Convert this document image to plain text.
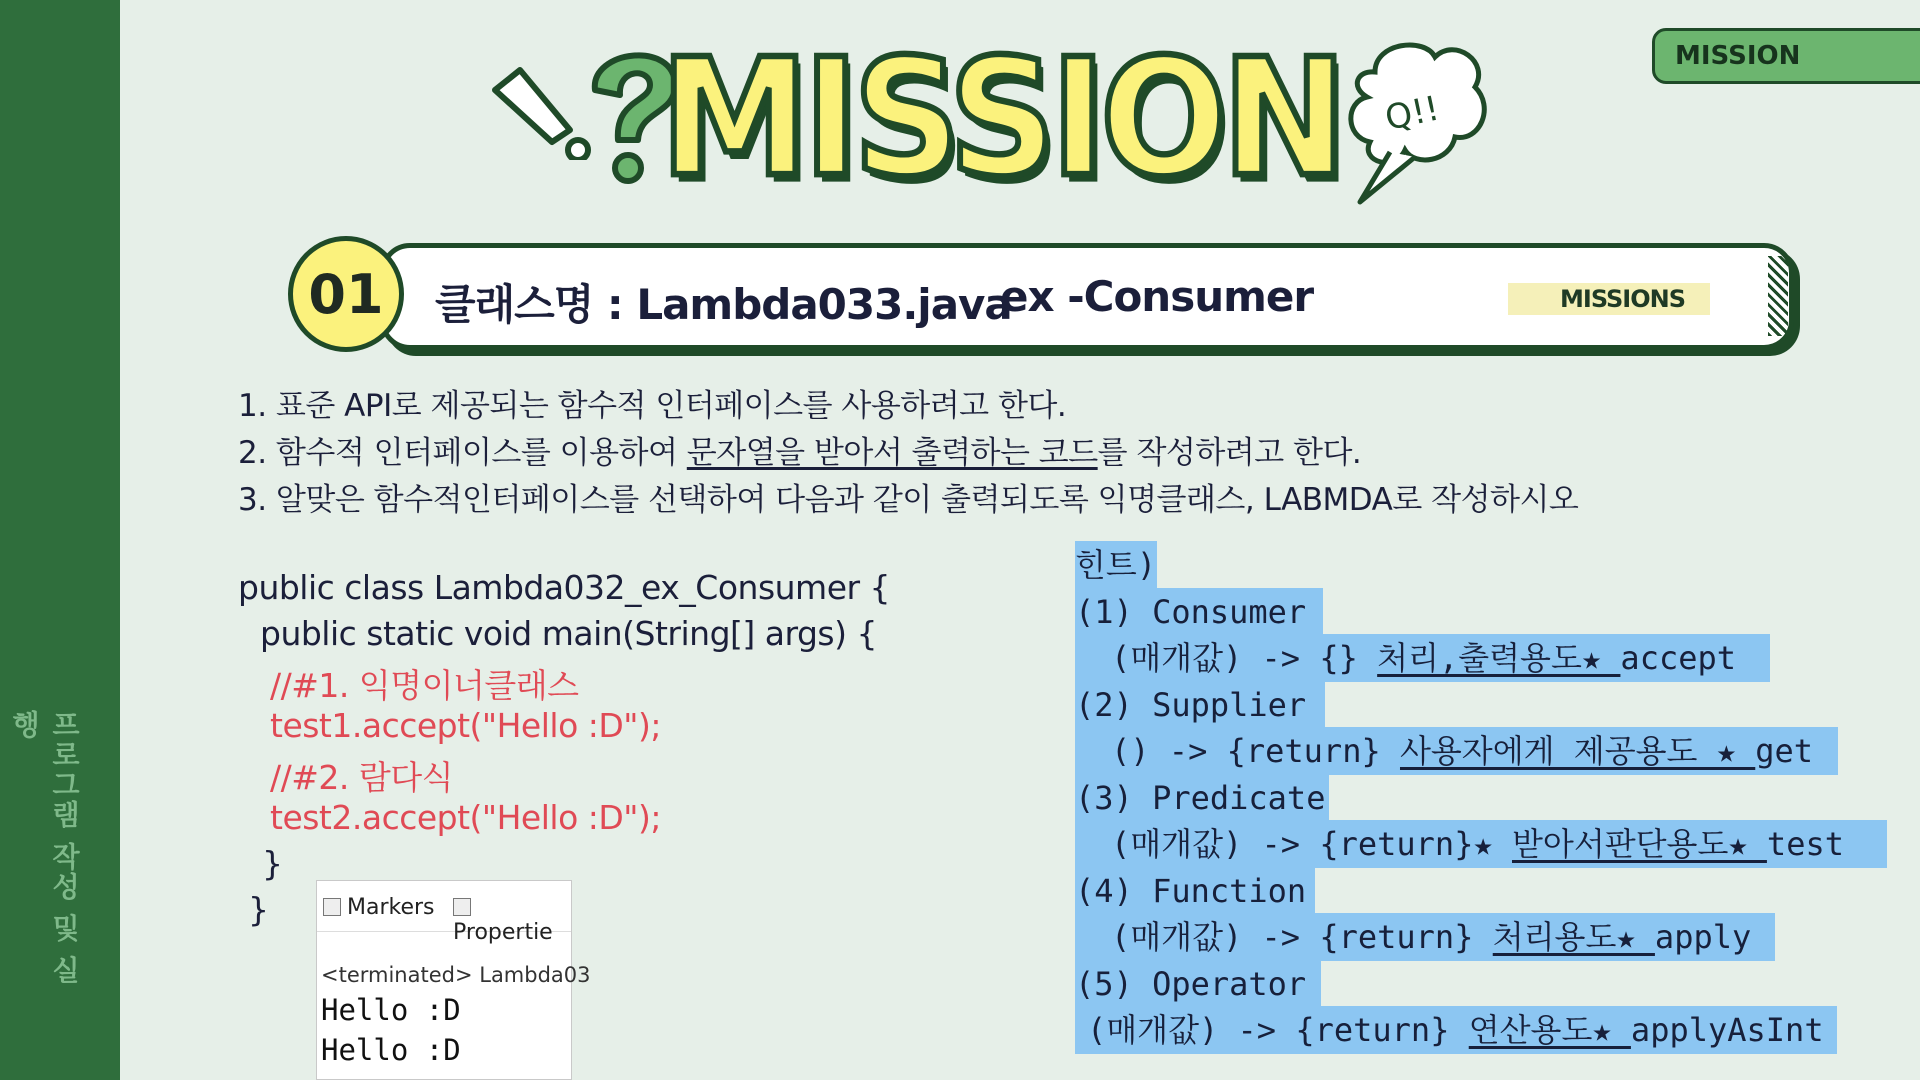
프로그램 작성 및 실행
MISSION
MISSION Q!!
01	클래스명 : Lambda033.java
ex -Consumer	MISSIONS
1. 표준 API로 제공되는 함수적 인터페이스를 사용하려고 한다.
2. 함수적 인터페이스를 이용하여 문자열을 받아서 출력하는 코드를 작성하려고 한다.
3. 알맞은 함수적인터페이스를 선택하여 다음과 같이 출력되도록 익명클래스, LABMDA로 작성하시오
public class Lambda032_ex_Consumer {
public static void main(String[] args) {
//#1. 익명이너클래스
test1.accept("Hello :D");
//#2. 람다식
test2.accept("Hello :D");
}
}	Markers
Propertie
<terminated> Lambda03
Hello :D
Hello :D
힌트)
(1) Consumer
(매개값) -> {} 처리,출력용도★ accept
(2) Supplier
() -> {return} 사용자에게 제공용도 ★ get
(3) Predicate
(매개값) -> {return}★ 받아서판단용도★ test
(4) Function
(매개값) -> {return} 처리용도★ apply
(5) Operator
(매개값) -> {return} 연산용도★ applyAsInt
